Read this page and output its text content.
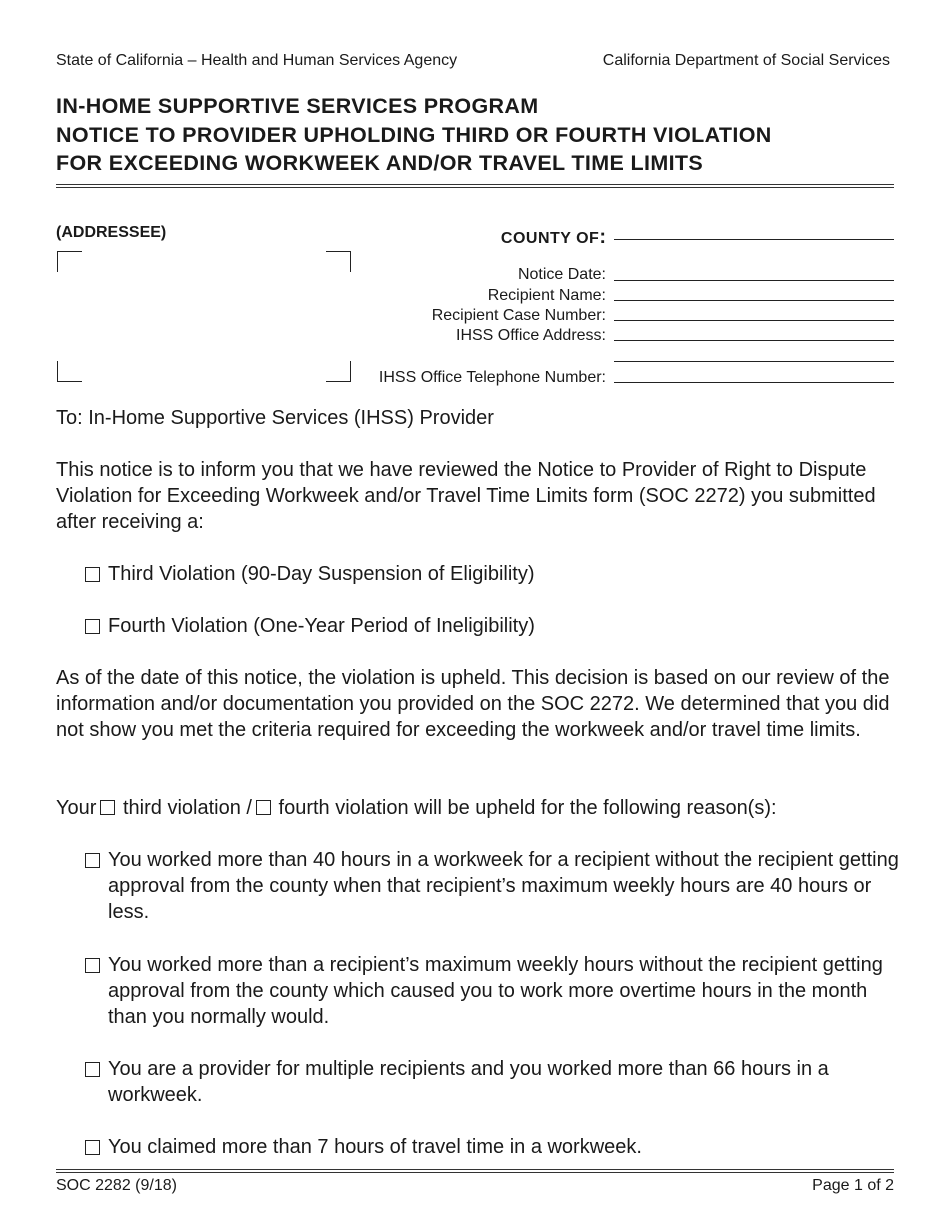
State of California – Health and Human Services Agency	California Department of Social Services
IN-HOME SUPPORTIVE SERVICES PROGRAM
NOTICE TO PROVIDER UPHOLDING THIRD OR FOURTH VIOLATION
FOR EXCEEDING WORKWEEK AND/OR TRAVEL TIME LIMITS
(ADDRESSEE)	COUNTY OF:
Notice Date:
Recipient Name:
Recipient Case Number:
IHSS Office Address:
IHSS Office Telephone Number:
To: In-Home Supportive Services (IHSS) Provider
This notice is to inform you that we have reviewed the Notice to Provider of Right to Dispute Violation for Exceeding Workweek and/or Travel Time Limits form (SOC 2272) you submitted after receiving a:
Third Violation (90-Day Suspension of Eligibility)
Fourth Violation (One-Year Period of Ineligibility)
As of the date of this notice, the violation is upheld. This decision is based on our review of the information and/or documentation you provided on the SOC 2272. We determined that you did not show you met the criteria required for exceeding the workweek and/or travel time limits.
Your third violation / fourth violation will be upheld for the following reason(s):
You worked more than 40 hours in a workweek for a recipient without the recipient getting approval from the county when that recipient’s maximum weekly hours are 40 hours or less.
You worked more than a recipient’s maximum weekly hours without the recipient getting approval from the county which caused you to work more overtime hours in the month than you normally would.
You are a provider for multiple recipients and you worked more than 66 hours in a workweek.
You claimed more than 7 hours of travel time in a workweek.
SOC 2282 (9/18)	Page 1 of 2
